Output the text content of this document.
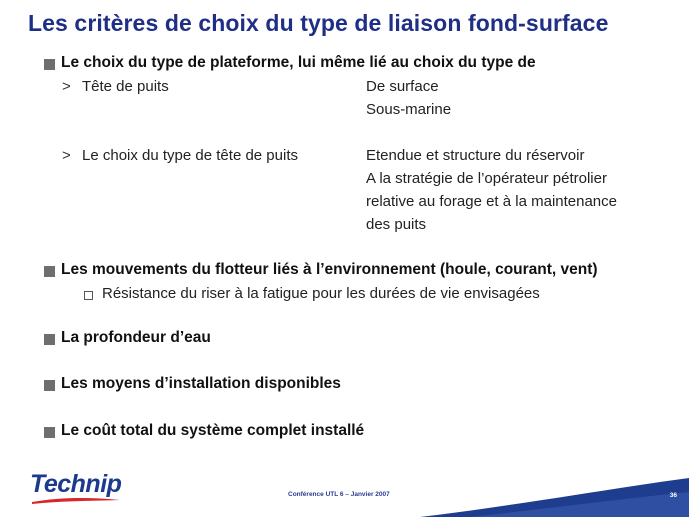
Les critères de choix du type de liaison fond-surface
Le choix du type de plateforme, lui même lié au choix du type de
> Tête de puits	De surface
Sous-marine
> Le choix du type de tête de puits	Etendue et structure du réservoir
A la stratégie de l’opérateur pétrolier
relative au forage et à la maintenance
des puits
Les mouvements du flotteur liés à l’environnement (houle, courant, vent)
Résistance du riser à la fatigue pour les durées de vie envisagées
La profondeur d’eau
Les moyens d’installation disponibles
Le coût total du système complet installé
Technip	Conférence UTL 6 – Janvier 2007	36
